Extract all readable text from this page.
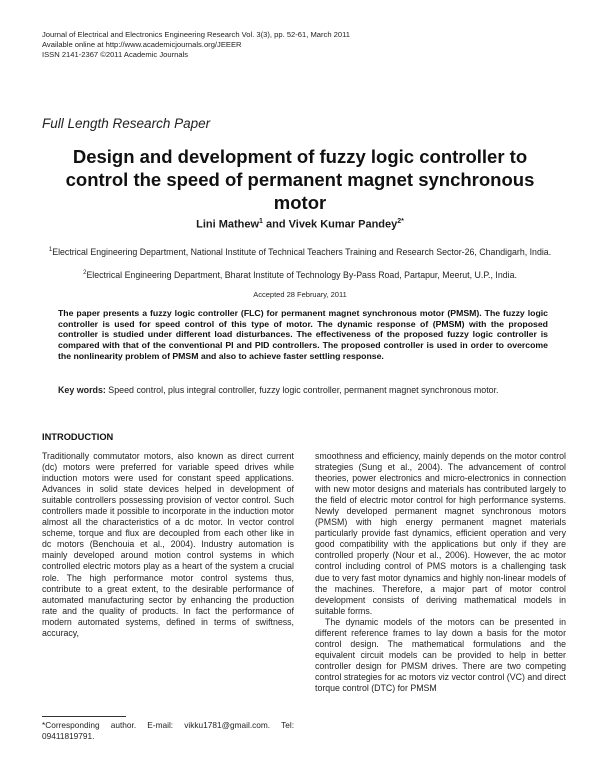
Journal of Electrical and Electronics Engineering Research Vol. 3(3), pp. 52-61, March 2011
Available online at http://www.academicjournals.org/JEEER
ISSN 2141-2367 ©2011 Academic Journals
Full Length Research Paper
Design and development of fuzzy logic controller to control the speed of permanent magnet synchronous motor
Lini Mathew$^1$ and Vivek Kumar Pandey$^{2*}$
$^1$Electrical Engineering Department, National Institute of Technical Teachers Training and Research Sector-26, Chandigarh, India.
$^2$Electrical Engineering Department, Bharat Institute of Technology By-Pass Road, Partapur, Meerut, U.P., India.
Accepted 28 February, 2011
The paper presents a fuzzy logic controller (FLC) for permanent magnet synchronous motor (PMSM). The fuzzy logic controller is used for speed control of this type of motor. The dynamic response of (PMSM) with the proposed controller is studied under different load disturbances. The effectiveness of the proposed fuzzy logic controller is compared with that of the conventional PI and PID controllers. The proposed controller is used in order to overcome the nonlinearity problem of PMSM and also to achieve faster settling response.
Key words: Speed control, plus integral controller, fuzzy logic controller, permanent magnet synchronous motor.
INTRODUCTION

Traditionally commutator motors, also known as direct current (dc) motors were preferred for variable speed drives while induction motors were used for constant speed applications. Advances in solid state devices helped in development of suitable controllers possessing provision of vector control. Such controllers made it possible to incorporate in the induction motor almost all the characteristics of a dc motor. In vector control scheme, torque and flux are decoupled from each other like in dc motors (Benchouia et al., 2004). Industry automation is mainly developed around motion control systems in which controlled electric motors play as a heart of the system a crucial role. The high performance motor control systems thus, contribute to a great extent, to the desirable performance of automated manufacturing sector by enhancing the production rate and the quality of products. In fact the performance of modern automated systems, defined in terms of swiftness, accuracy,

smoothness and efficiency, mainly depends on the motor control strategies (Sung et al., 2004). The advancement of control theories, power electronics and micro-electronics in connection with new motor designs and materials has contributed largely to the field of electric motor control for high performance systems. Newly developed permanent magnet synchronous motors (PMSM) with high energy permanent magnet materials particularly provide fast dynamics, efficient operation and very good compatibility with the applications but only if they are controlled properly (Nour et al., 2006). However, the ac motor control including control of PMS motors is a challenging task due to very fast motor dynamics and highly non-linear models of the machines. Therefore, a major part of motor control development consists of deriving mathematical models in suitable forms.

The dynamic models of the motors can be presented in different reference frames to lay down a basis for the motor control design. The mathematical formulations and the equivalent circuit models can be provided to help in better controller design for PMSM drives. There are two competing control strategies for ac motors viz vector control (VC) and direct torque control (DTC) for PMSM

*Corresponding author. E-mail: vikku1781@gmail.com. Tel: 09411819791.
